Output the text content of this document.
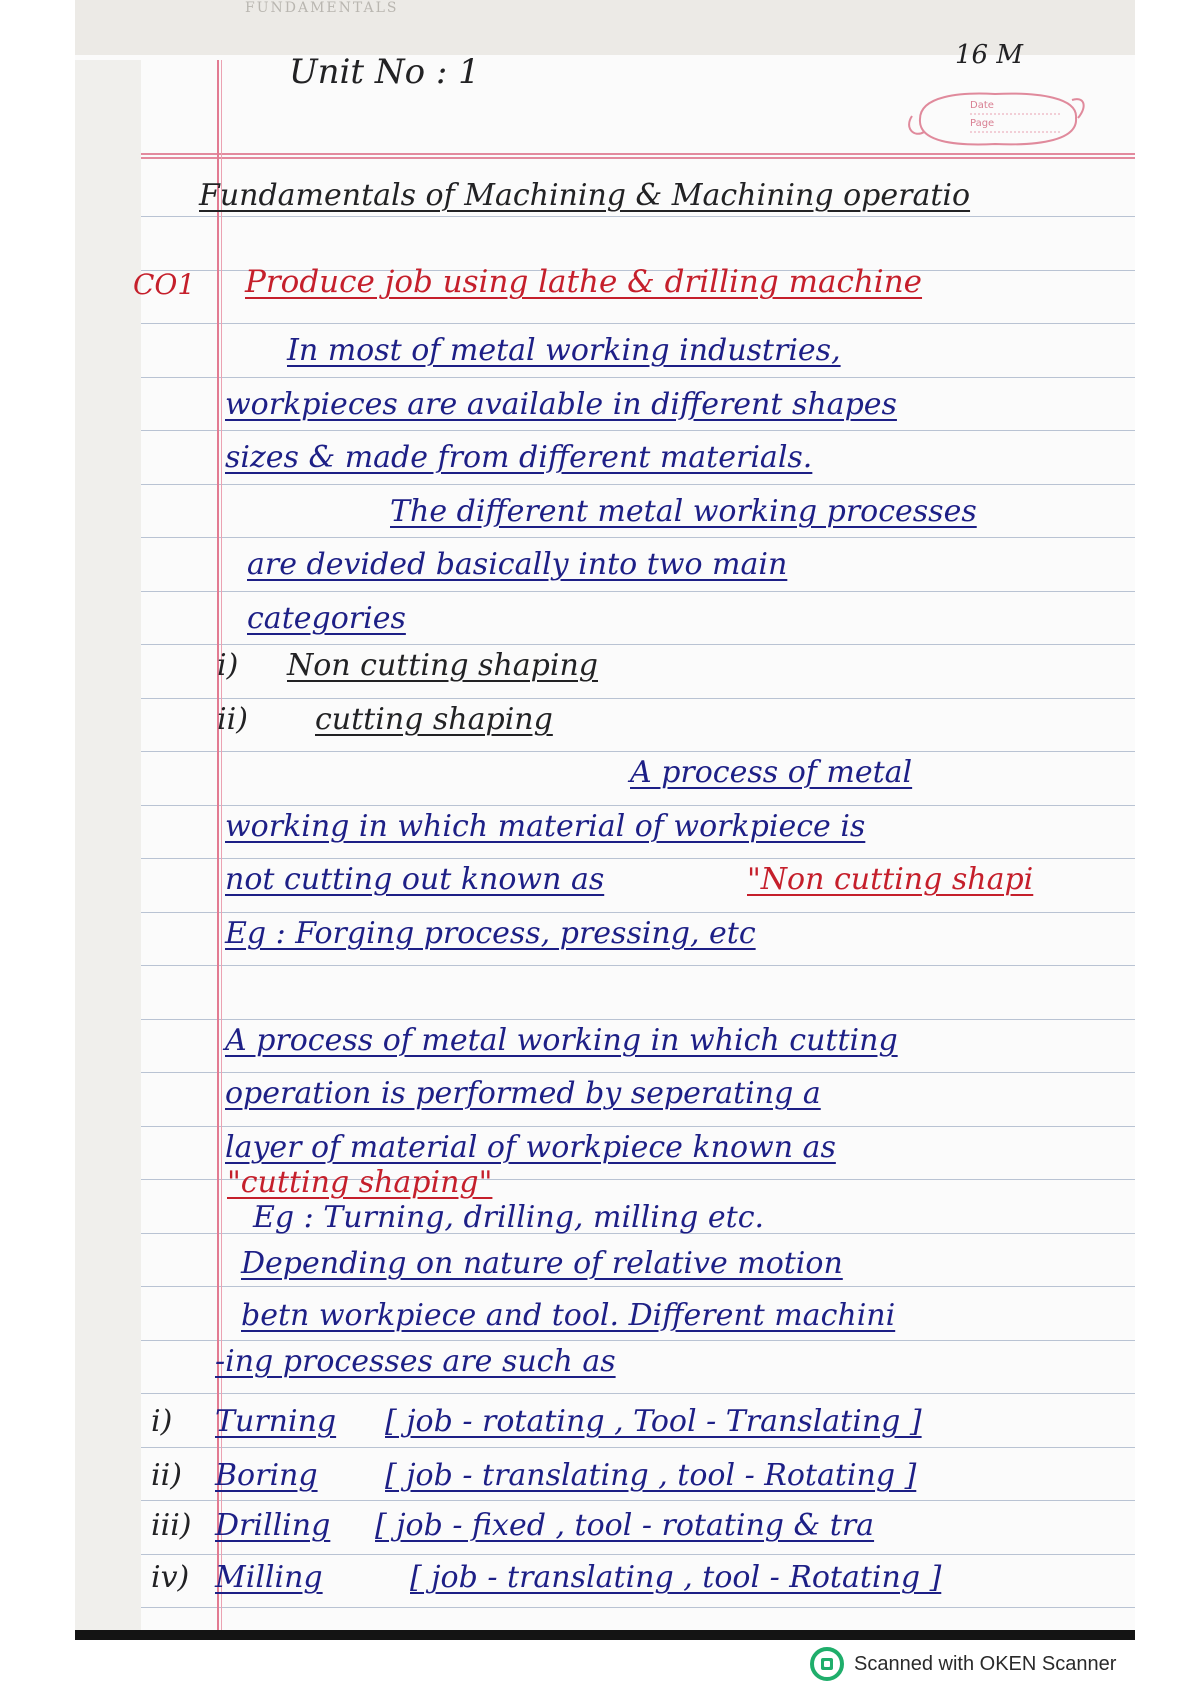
FUNDAMENTALS
Unit No : 1	16 M
Date
Page
Fundamentals of Machining & Machining operatio
CO1 Produce job using lathe & drilling machine
In most of metal working industries,
workpieces are available in different shapes
sizes & made from different materials.
The different metal working processes
are devided basically into two main
categories
i) Non cutting shaping
ii) cutting shaping
A process of metal
working in which material of workpiece is
not cutting out known as	"Non cutting shapi
Eg : Forging process, pressing, etc
A process of metal working in which cutting
operation is performed by seperating a
layer of material of workpiece known as
"cutting shaping"
Eg : Turning, drilling, milling etc.
Depending on nature of relative motion
betn workpiece and tool. Different machini
-ing processes are such as
i) Turning [ job - rotating , Tool - Translating ]
ii) Boring [ job - translating , tool - Rotating ]
iii) Drilling [ job - fixed , tool - rotating & tra
iv) Milling	[ job - translating , tool - Rotating ]
Scanned with OKEN Scanner
